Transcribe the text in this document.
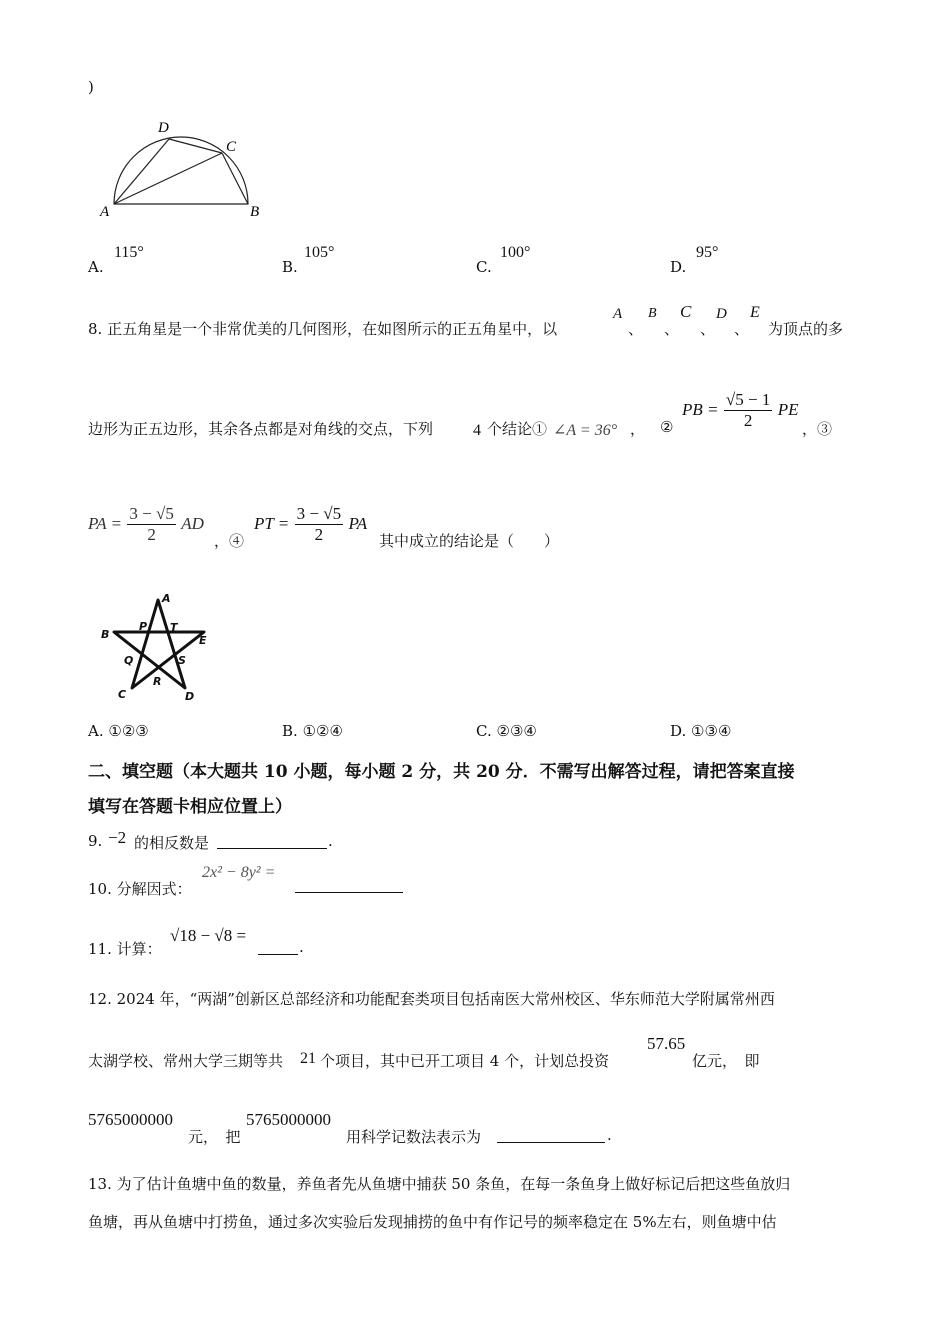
)
D
C
A	B
A.
115°
B.
105°
C.
100°
D.
95°
8. 正五角星是一个非常优美的几何图形，在如图所示的正五角星中，以
A
、
B
、
C
、
D
、
E
为顶点的多
边形为正五边形，其余各点都是对角线的交点，下列 4 个结论① ∠A = 36° ， ②
PB = $\frac{√5 - 1}{2}$ PE
，③
PA = $\frac{3 - √5}{2}$ AD
，④
PT = $\frac{3 - √5}{2}$ PA
其中成立的结论是（　　）
A
B	E
P T
Q	S
R
C	D
A. ①②③	B. ①②④	C. ②③④	D. ①③④
二、填空题（本大题共 10 小题，每小题 2 分，共 20 分．不需写出解答过程，请把答案直接
填写在答题卡相应位置上）
9. −2 的相反数是	.
10. 分解因式：
2x² − 8y² =
11. 计算：
√18 − √8 =
.
12. 2024 年，“两湖”创新区总部经济和功能配套类项目包括南医大常州校区、华东师范大学附属常州西
太湖学校、常州大学三期等共 21 个项目，其中已开工项目 4 个，计划总投资
57.65
亿元，　即
5765000000
元，　把
5765000000
用科学记数法表示为	.
13. 为了估计鱼塘中鱼的数量，养鱼者先从鱼塘中捕获 50 条鱼，在每一条鱼身上做好标记后把这些鱼放归
鱼塘，再从鱼塘中打捞鱼，通过多次实验后发现捕捞的鱼中有作记号的频率稳定在 5%左右，则鱼塘中估
